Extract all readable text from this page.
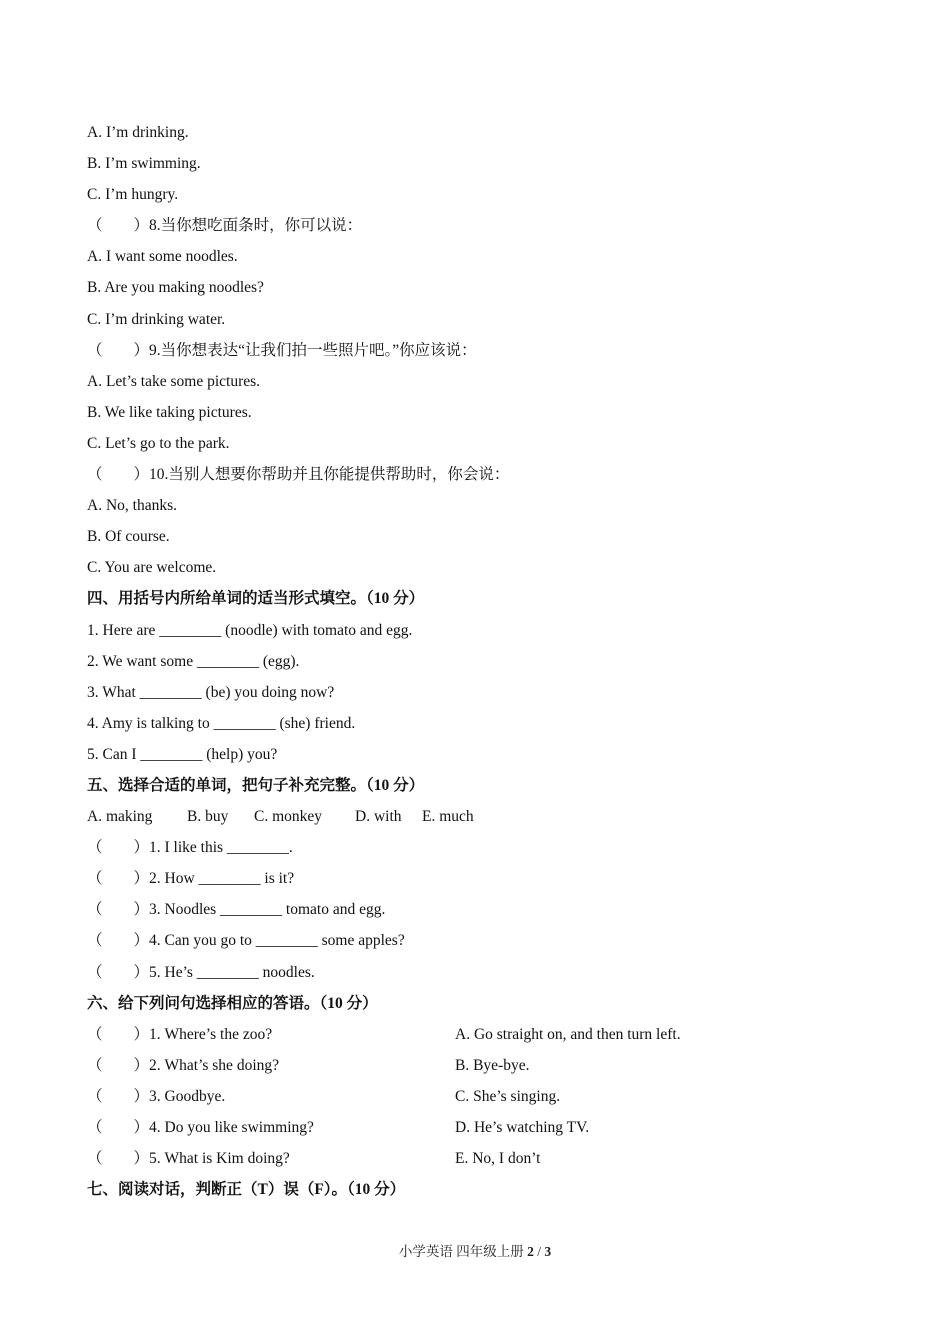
A. I’m drinking.
B. I’m swimming.
C. I’m hungry.
（　　）8.当你想吃面条时，你可以说：
A. I want some noodles.
B. Are you making noodles?
C. I’m drinking water.
（　　）9.当你想表达“让我们拍一些照片吧。”你应该说：
A. Let’s take some pictures.
B. We like taking pictures.
C. Let’s go to the park.
（　　）10.当别人想要你帮助并且你能提供帮助时，你会说：
A. No, thanks.
B. Of course.
C. You are welcome.
四、用括号内所给单词的适当形式填空。（10 分）
1. Here are ________ (noodle) with tomato and egg.
2. We want some ________ (egg).
3. What ________ (be) you doing now?
4. Amy is talking to ________ (she) friend.
5. Can I ________ (help) you?
五、选择合适的单词，把句子补充完整。（10 分）
A. making B. buy C. monkey D. with E. much
（　　）1. I like this ________.
（　　）2. How ________ is it?
（　　）3. Noodles ________ tomato and egg.
（　　）4. Can you go to ________ some apples?
（　　）5. He’s ________ noodles.
六、给下列问句选择相应的答语。（10 分）
（　　）1. Where’s the zoo?	A. Go straight on, and then turn left.
（　　）2. What’s she doing?	B. Bye-bye.
（　　）3. Goodbye.	C. She’s singing.
（　　）4. Do you like swimming?	D. He’s watching TV.
（　　）5. What is Kim doing?	E. No, I don’t
七、阅读对话，判断正（T）误（F）。（10 分）
小学英语 四年级上册 2 / 3
